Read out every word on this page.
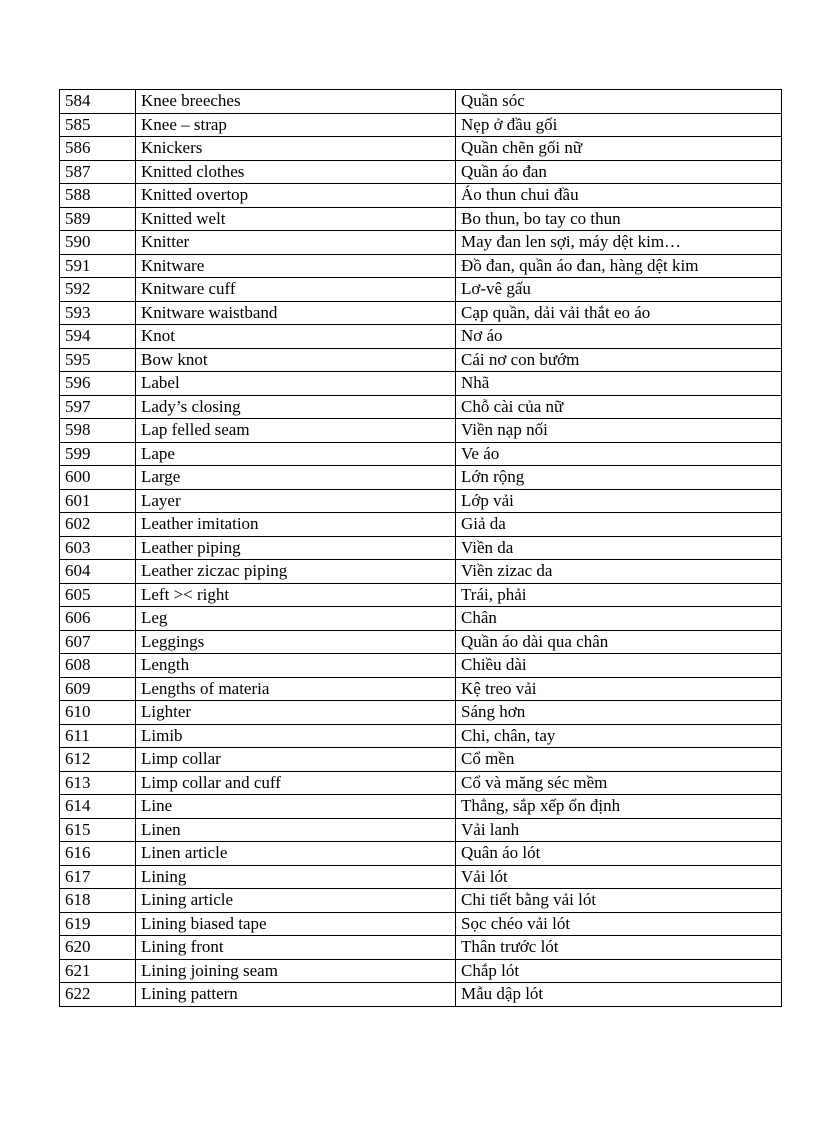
584	Knee breeches	Quần sóc
585	Knee – strap	Nẹp ở đầu gối
586	Knickers	Quần chẽn gối nữ
587	Knitted clothes	Quần áo đan
588	Knitted overtop	Áo thun chui đầu
589	Knitted welt	Bo thun, bo tay co thun
590	Knitter	May đan len sợi, máy dệt kim…
591	Knitware	Đồ đan, quần áo đan, hàng dệt kim
592	Knitware cuff	Lơ-vê gấu
593	Knitware waistband	Cạp quần, dải vải thắt eo áo
594	Knot	Nơ áo
595	Bow knot	Cái nơ con bướm
596	Label	Nhã
597	Lady’s closing	Chỗ cài của nữ
598	Lap felled seam	Viền nạp nối
599	Lape	Ve áo
600	Large	Lớn rộng
601	Layer	Lớp vải
602	Leather imitation	Giả da
603	Leather piping	Viền da
604	Leather ziczac piping	Viền zizac da
605	Left >< right	Trái, phải
606	Leg	Chân
607	Leggings	Quần áo dài qua chân
608	Length	Chiều dài
609	Lengths of materia	Kệ treo vải
610	Lighter	Sáng hơn
611	Limib	Chi, chân, tay
612	Limp collar	Cổ mền
613	Limp collar and cuff	Cổ và măng séc mềm
614	Line	Thẳng, sắp xếp ổn định
615	Linen	Vải lanh
616	Linen article	Quân áo lót
617	Lining	Vải lót
618	Lining article	Chi tiết bằng vải lót
619	Lining biased tape	Sọc chéo vải lót
620	Lining front	Thân trước lót
621	Lining joining seam	Chắp lót
622	Lining pattern	Mẫu dập lót
